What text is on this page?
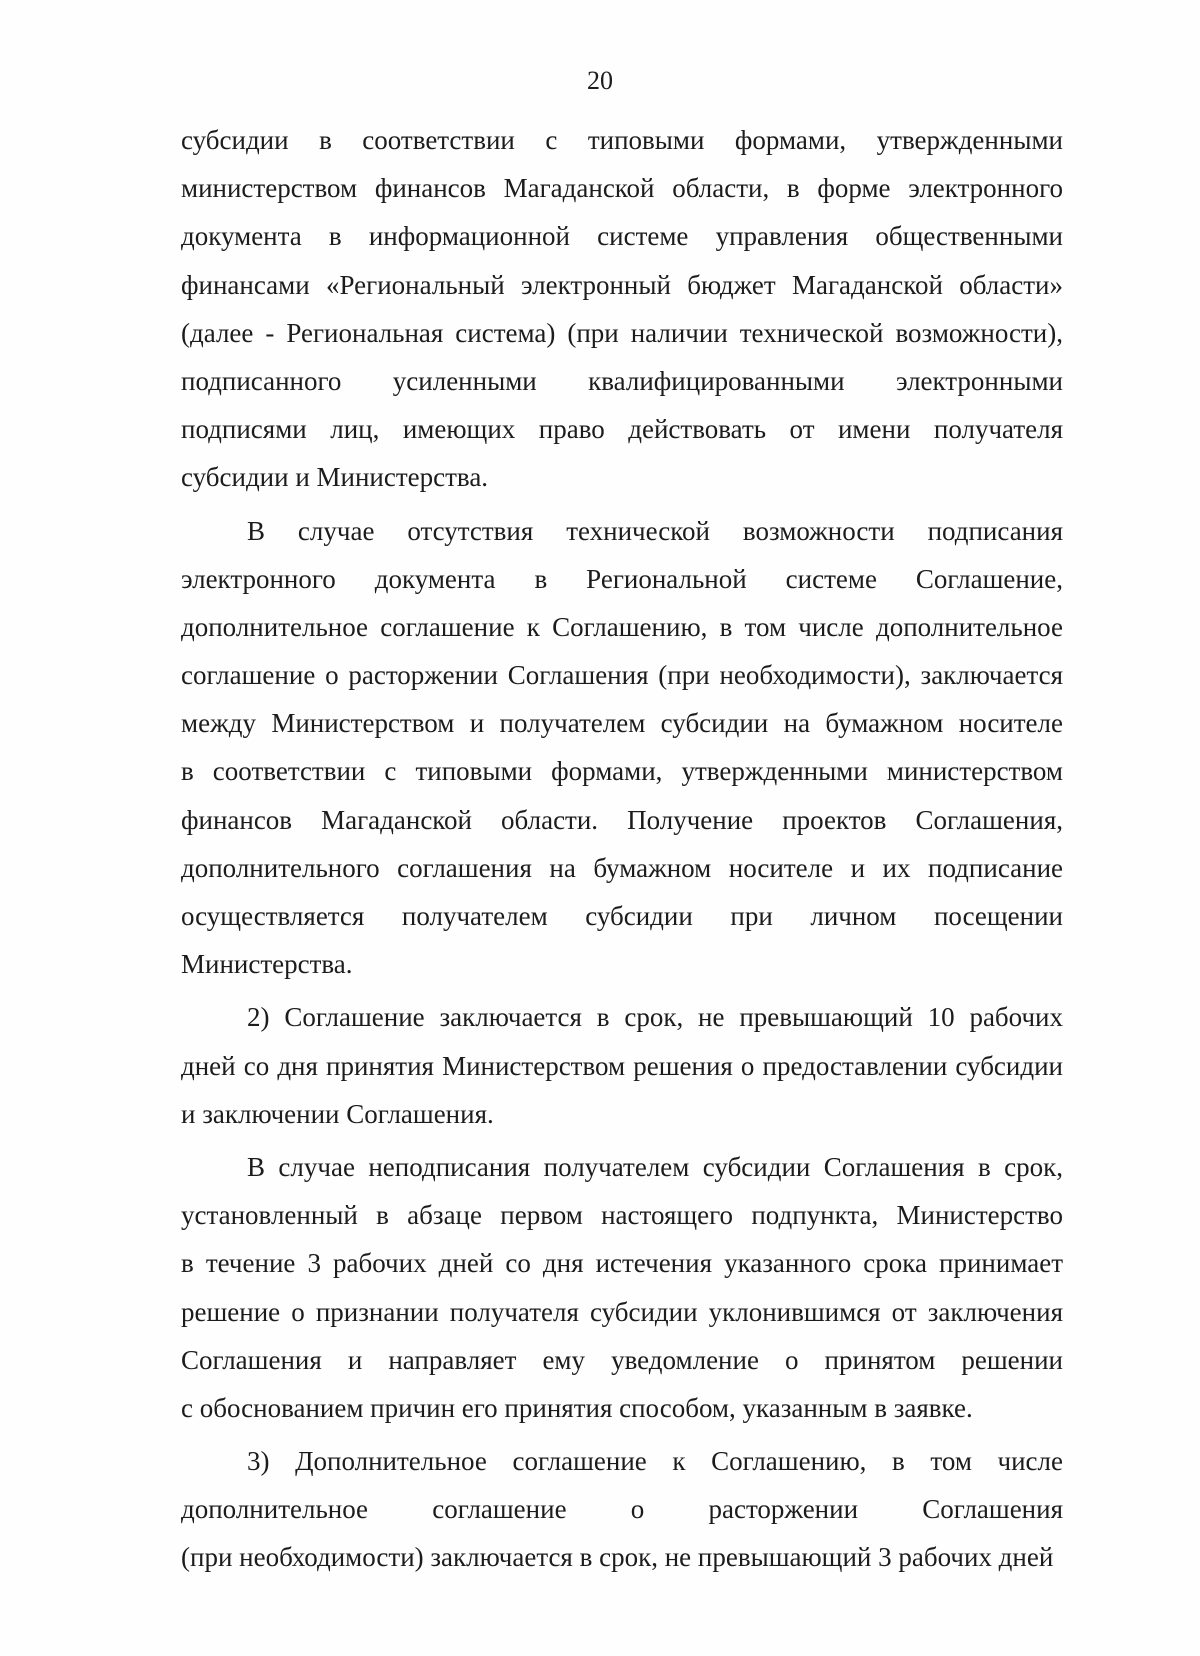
20
субсидии в соответствии с типовыми формами, утвержденными
министерством финансов Магаданской области, в форме электронного
документа в информационной системе управления общественными
финансами «Региональный электронный бюджет Магаданской области»
(далее - Региональная система) (при наличии технической возможности),
подписанного усиленными квалифицированными электронными
подписями лиц, имеющих право действовать от имени получателя
субсидии и Министерства.
В случае отсутствия технической возможности подписания
электронного документа в Региональной системе Соглашение,
дополнительное соглашение к Соглашению, в том числе дополнительное
соглашение о расторжении Соглашения (при необходимости), заключается
между Министерством и получателем субсидии на бумажном носителе
в соответствии с типовыми формами, утвержденными министерством
финансов Магаданской области. Получение проектов Соглашения,
дополнительного соглашения на бумажном носителе и их подписание
осуществляется получателем субсидии при личном посещении
Министерства.
2) Соглашение заключается в срок, не превышающий 10 рабочих
дней со дня принятия Министерством решения о предоставлении субсидии
и заключении Соглашения.
В случае неподписания получателем субсидии Соглашения в срок,
установленный в абзаце первом настоящего подпункта, Министерство
в течение 3 рабочих дней со дня истечения указанного срока принимает
решение о признании получателя субсидии уклонившимся от заключения
Соглашения и направляет ему уведомление о принятом решении
с обоснованием причин его принятия способом, указанным в заявке.
3) Дополнительное соглашение к Соглашению, в том числе
дополнительное соглашение о расторжении Соглашения
(при необходимости) заключается в срок, не превышающий 3 рабочих дней
